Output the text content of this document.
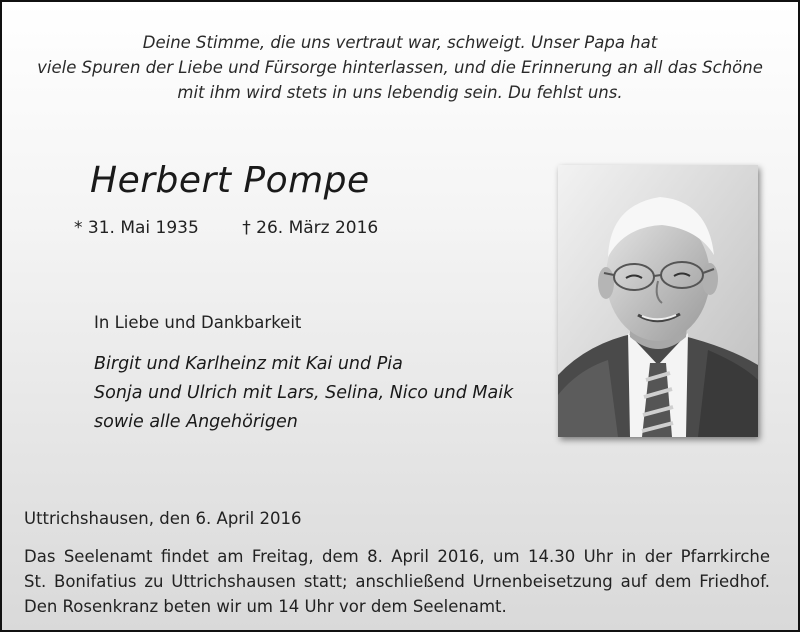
Deine Stimme, die uns vertraut war, schweigt. Unser Papa hat
viele Spuren der Liebe und Fürsorge hinterlassen, und die Erinnerung an all das Schöne
mit ihm wird stets in uns lebendig sein. Du fehlst uns.
Herbert Pompe
* 31. Mai 1935	† 26. März 2016
In Liebe und Dankbarkeit
Birgit und Karlheinz mit Kai und Pia
Sonja und Ulrich mit Lars, Selina, Nico und Maik
sowie alle Angehörigen
Uttrichshausen, den 6. April 2016
Das Seelenamt findet am Freitag, dem 8. April 2016, um 14.30 Uhr in der Pfarrkirche
St. Bonifatius zu Uttrichshausen statt; anschließend Urnenbeisetzung auf dem Friedhof.
Den Rosenkranz beten wir um 14 Uhr vor dem Seelenamt.
